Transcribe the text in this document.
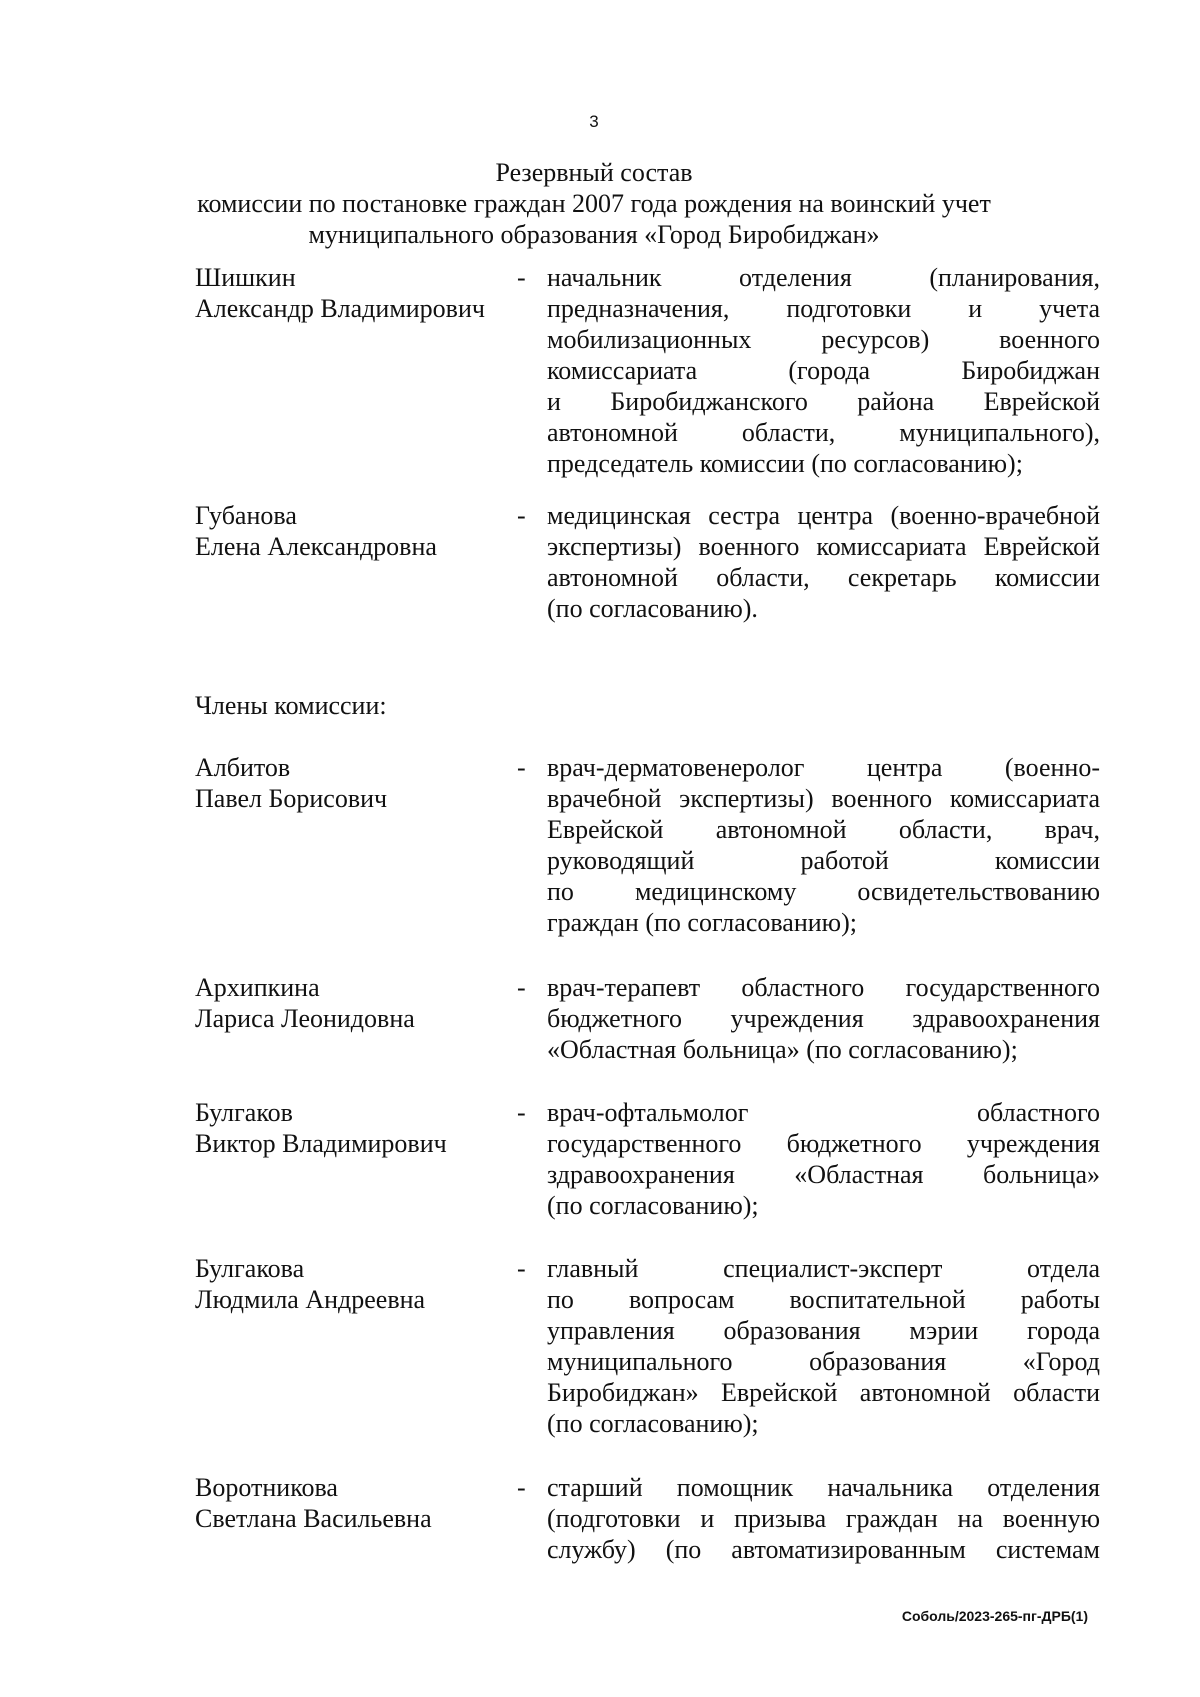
3
Резервный состав
комиссии по постановке граждан 2007 года рождения на воинский учет
муниципального образования «Город Биробиджан»
Шишкин
Александр Владимирович
- начальник отделения (планирования,
предназначения, подготовки и учета
мобилизационных ресурсов) военного
комиссариата (города Биробиджан
и Биробиджанского района Еврейской
автономной области, муниципального),
председатель комиссии (по согласованию);
Губанова
Елена Александровна
- медицинская сестра центра (военно-врачебной
экспертизы) военного комиссариата Еврейской
автономной области, секретарь комиссии
(по согласованию).
Члены комиссии:
Албитов
Павел Борисович
- врач-дерматовенеролог центра (военно-
врачебной экспертизы) военного комиссариата
Еврейской автономной области, врач,
руководящий работой комиссии
по медицинскому освидетельствованию
граждан (по согласованию);
Архипкина
Лариса Леонидовна
- врач-терапевт областного государственного
бюджетного учреждения здравоохранения
«Областная больница» (по согласованию);
Булгаков
Виктор Владимирович
- врач-офтальмолог областного
государственного бюджетного учреждения
здравоохранения «Областная больница»
(по согласованию);
Булгакова
Людмила Андреевна
- главный специалист-эксперт отдела
по вопросам воспитательной работы
управления образования мэрии города
муниципального образования «Город
Биробиджан» Еврейской автономной области
(по согласованию);
Воротникова
Светлана Васильевна
- старший помощник начальника отделения
(подготовки и призыва граждан на военную
службу) (по автоматизированным системам
Соболь/2023-265-пг-ДРБ(1)
